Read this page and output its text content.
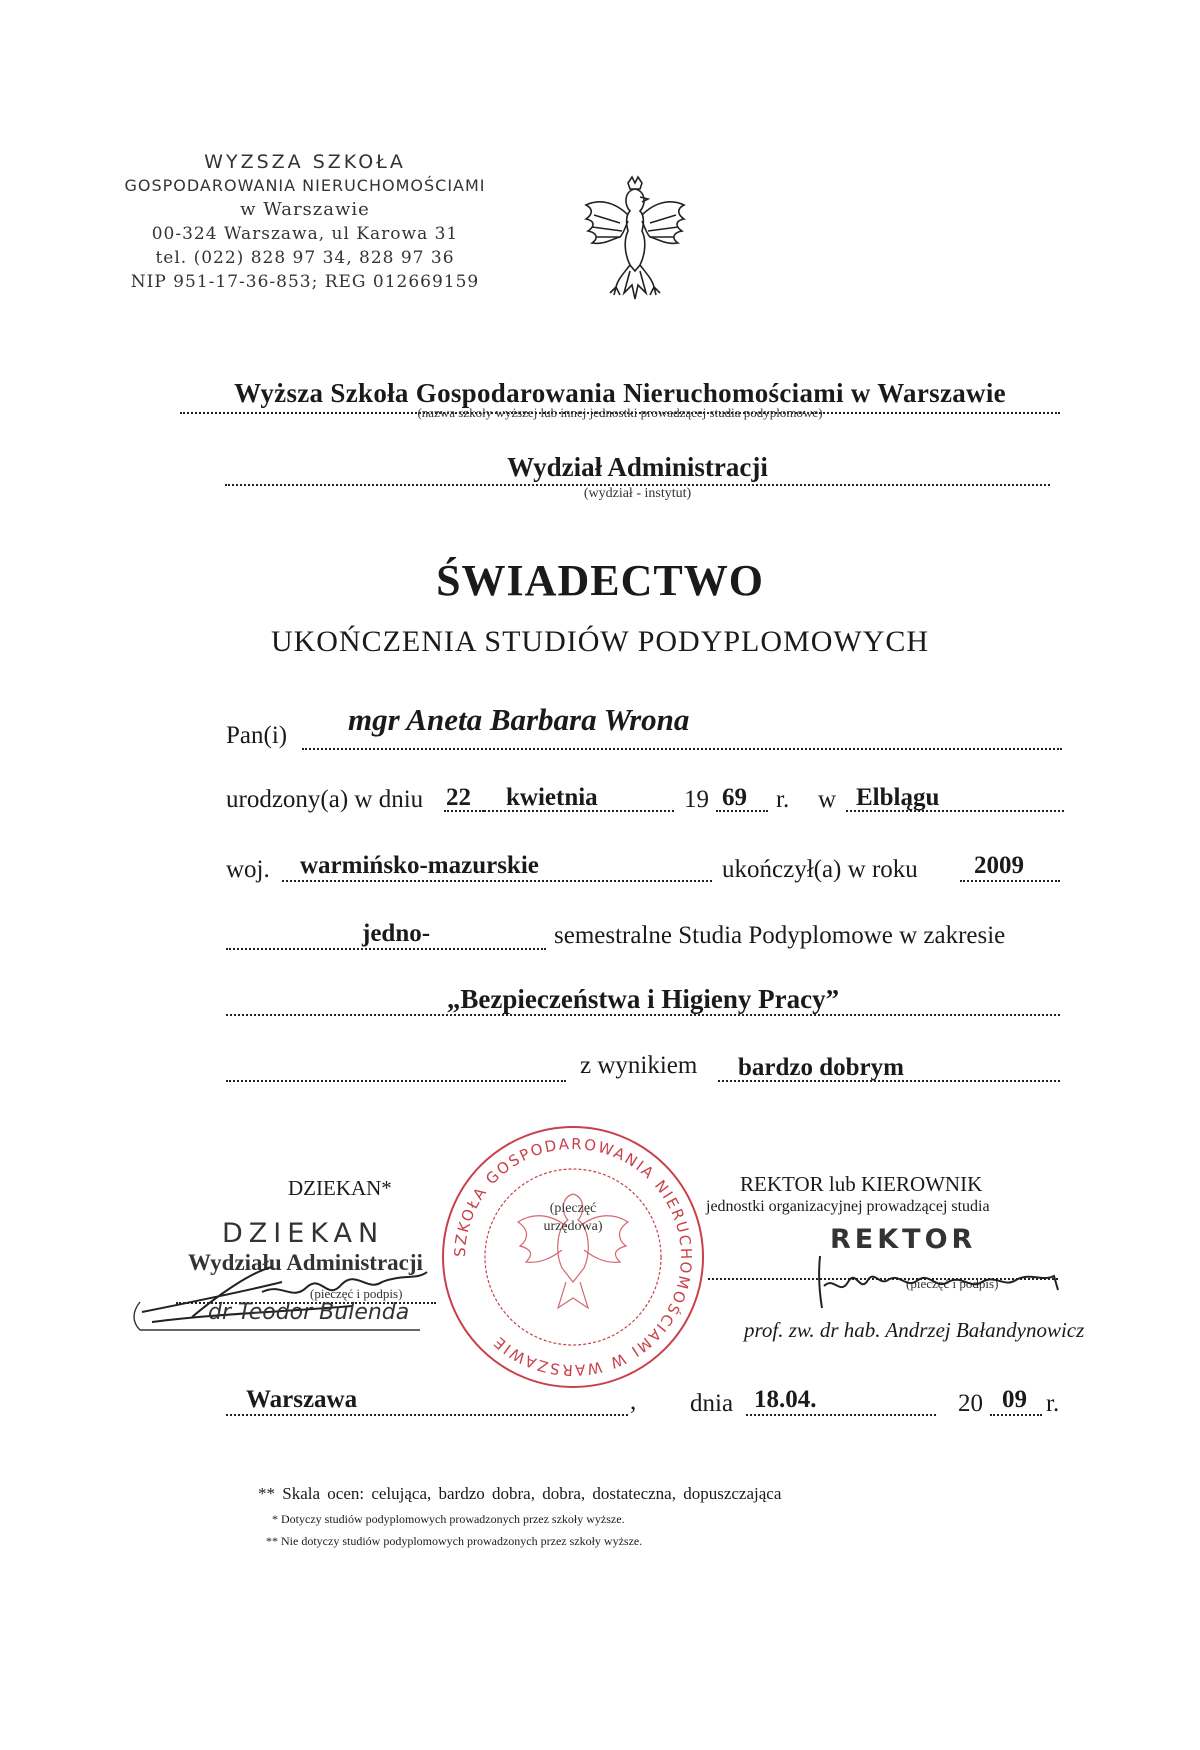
WYZSZA SZKOŁA
GOSPODAROWANIA NIERUCHOMOŚCIAMI
w Warszawie
00-324 Warszawa, ul Karowa 31
tel. (022) 828 97 34, 828 97 36
NIP 951-17-36-853; REG 012669159
Wyższa Szkoła Gospodarowania Nieruchomościami w Warszawie
(nazwa szkoły wyższej lub innej jednostki prowadzącej studia podyplomowe)
Wydział Administracji
(wydział - instytut)
ŚWIADECTWO
UKOŃCZENIA STUDIÓW PODYPLOMOWYCH
Pan(i) mgr Aneta Barbara Wrona
urodzony(a) w dniu 22 kwietnia	19 69 r. w Elblągu
woj. warmińsko-mazurskie	ukończył(a) w roku 2009
jedno-	semestralne Studia Podyplomowe w zakresie
„Bezpieczeństwa i Higieny Pracy”
z wynikiem bardzo dobrym
DZIEKAN*
DZIEKAN
Wydziału Administracji
(pieczęć i podpis)
dr Teodor Bulenda
SZKOŁA GOSPODAROWANIA NIERUCHOMOŚCIAMI W WARSZAWIE
(pieczęć urzędowa)
REKTOR lub KIEROWNIK
jednostki organizacyjnej prowadzącej studia
REKTOR
(pieczęć i podpis)
prof. zw. dr hab. Andrzej Bałandynowicz
Warszawa	, dnia 18.04.	20 09 r.
** Skala ocen: celująca, bardzo dobra, dobra, dostateczna, dopuszczająca
* Dotyczy studiów podyplomowych prowadzonych przez szkoły wyższe.
** Nie dotyczy studiów podyplomowych prowadzonych przez szkoły wyższe.
